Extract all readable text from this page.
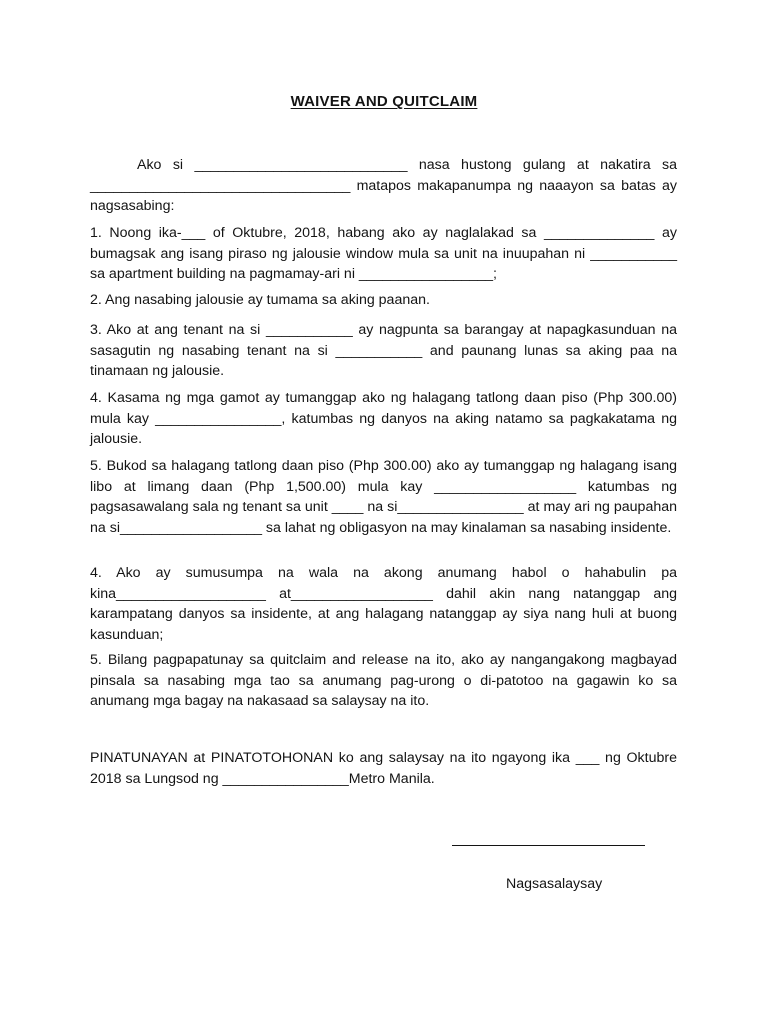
WAIVER AND QUITCLAIM

Ako si ___________________________ nasa hustong gulang at nakatira sa _________________________________ matapos makapanumpa ng naaayon sa batas ay nagsasabing:

1. Noong ika-___ of Oktubre, 2018, habang ako ay naglalakad sa ______________ ay bumagsak ang isang piraso ng jalousie window mula sa unit na inuupahan ni ___________ sa apartment building na pagmamay-ari ni _________________;

2. Ang nasabing jalousie ay tumama sa aking paanan.

3. Ako at ang tenant na si ___________ ay nagpunta sa barangay at napagkasunduan na sasagutin ng nasabing tenant na si ___________ and paunang lunas sa aking paa na tinamaan ng jalousie.

4. Kasama ng mga gamot ay tumanggap ako ng halagang tatlong daan piso (Php 300.00) mula kay ________________, katumbas ng danyos na aking natamo sa pagkakatama ng jalousie.

5. Bukod sa halagang tatlong daan piso (Php 300.00) ako ay tumanggap ng halagang isang libo at limang daan (Php 1,500.00) mula kay __________________ katumbas ng pagsasawalang sala ng tenant sa unit ____ na si________________ at may ari ng paupahan na si__________________ sa lahat ng obligasyon na may kinalaman sa nasabing insidente.

4. Ako ay sumusumpa na wala na akong anumang habol o hahabulin pa kina___________________ at__________________ dahil akin nang natanggap ang karampatang danyos sa insidente, at ang halagang natanggap ay siya nang huli at buong kasunduan;

5. Bilang pagpapatunay sa quitclaim and release na ito, ako ay nangangakong magbayad pinsala sa nasabing mga tao sa anumang pag-urong o di-patotoo na gagawin ko sa anumang mga bagay na nakasaad sa salaysay na ito.

PINATUNAYAN at PINATOTOHONAN ko ang salaysay na ito ngayong ika ___ ng Oktubre 2018 sa Lungsod ng ________________Metro Manila.

Nagsasalaysay
